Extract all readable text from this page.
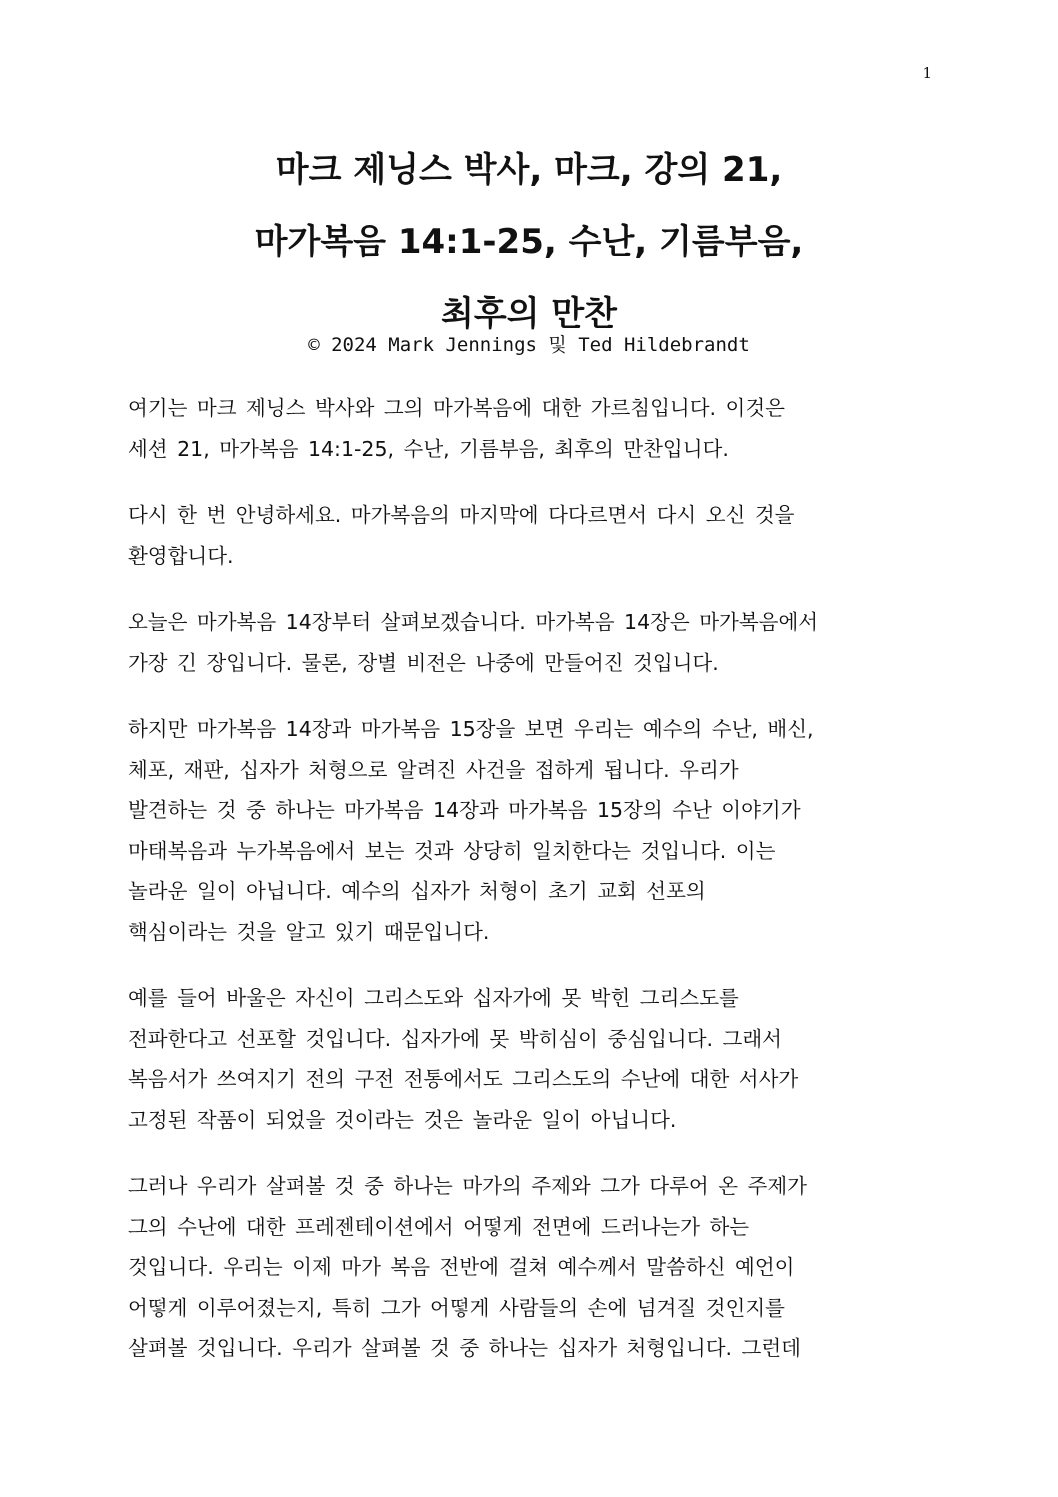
1
마크 제닝스 박사, 마크, 강의 21,
마가복음 14:1-25, 수난, 기름부음,
최후의 만찬
© 2024 Mark Jennings 및 Ted Hildebrandt

여기는 마크 제닝스 박사와 그의 마가복음에 대한 가르침입니다. 이것은
세션 21, 마가복음 14:1-25, 수난, 기름부음, 최후의 만찬입니다.

다시 한 번 안녕하세요. 마가복음의 마지막에 다다르면서 다시 오신 것을
환영합니다.

오늘은 마가복음 14장부터 살펴보겠습니다. 마가복음 14장은 마가복음에서
가장 긴 장입니다. 물론, 장별 비전은 나중에 만들어진 것입니다.

하지만 마가복음 14장과 마가복음 15장을 보면 우리는 예수의 수난, 배신,
체포, 재판, 십자가 처형으로 알려진 사건을 접하게 됩니다. 우리가
발견하는 것 중 하나는 마가복음 14장과 마가복음 15장의 수난 이야기가
마태복음과 누가복음에서 보는 것과 상당히 일치한다는 것입니다. 이는
놀라운 일이 아닙니다. 예수의 십자가 처형이 초기 교회 선포의
핵심이라는 것을 알고 있기 때문입니다.

예를 들어 바울은 자신이 그리스도와 십자가에 못 박힌 그리스도를
전파한다고 선포할 것입니다. 십자가에 못 박히심이 중심입니다. 그래서
복음서가 쓰여지기 전의 구전 전통에서도 그리스도의 수난에 대한 서사가
고정된 작품이 되었을 것이라는 것은 놀라운 일이 아닙니다.

그러나 우리가 살펴볼 것 중 하나는 마가의 주제와 그가 다루어 온 주제가
그의 수난에 대한 프레젠테이션에서 어떻게 전면에 드러나는가 하는
것입니다. 우리는 이제 마가 복음 전반에 걸쳐 예수께서 말씀하신 예언이
어떻게 이루어졌는지, 특히 그가 어떻게 사람들의 손에 넘겨질 것인지를
살펴볼 것입니다. 우리가 살펴볼 것 중 하나는 십자가 처형입니다. 그런데
